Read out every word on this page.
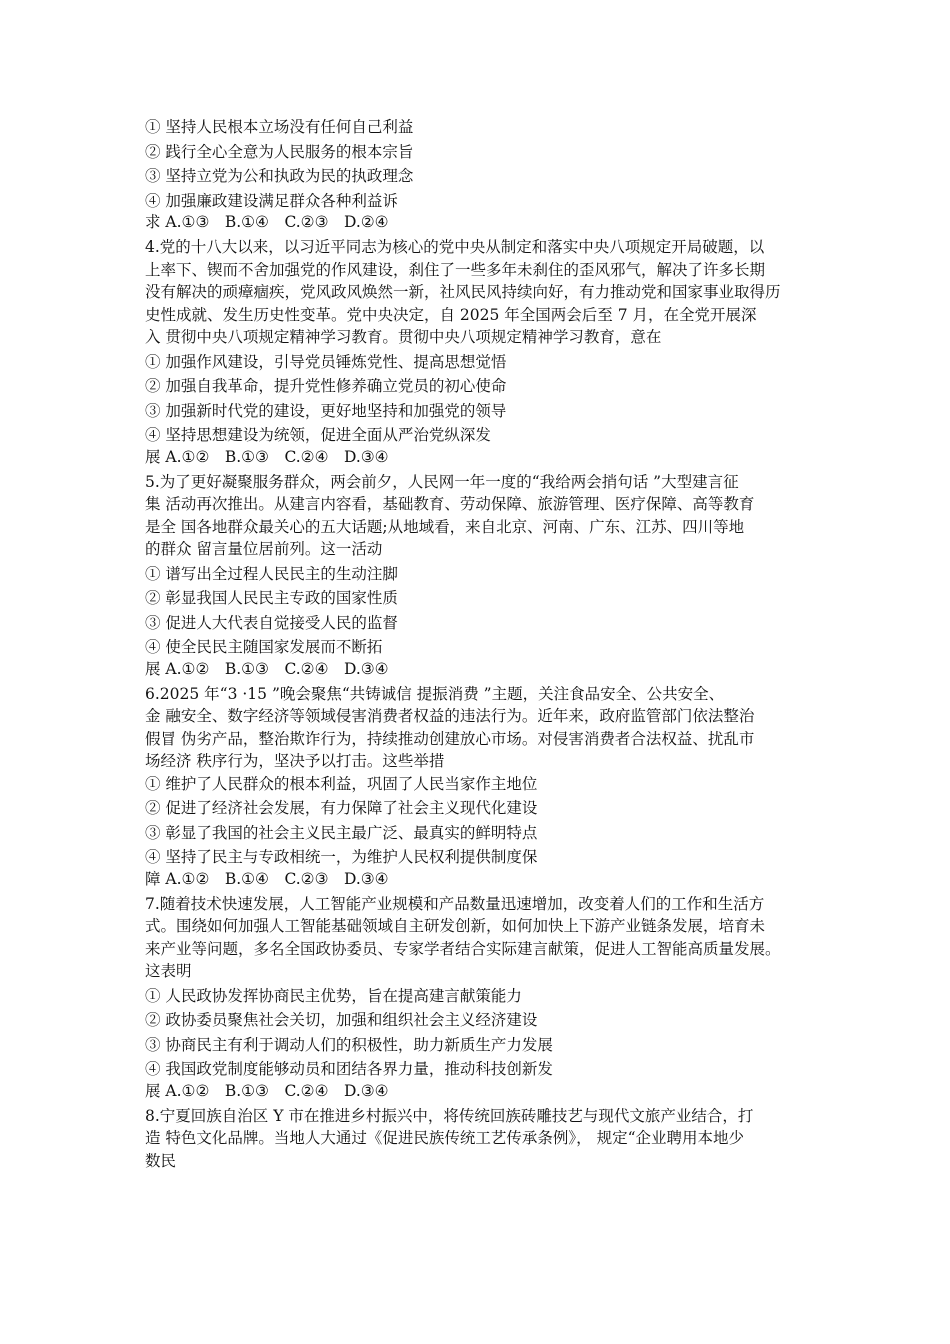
① 坚持人民根本立场没有任何自己利益
② 践行全心全意为人民服务的根本宗旨
③ 坚持立党为公和执政为民的执政理念
④ 加强廉政建设满足群众各种利益诉
求 A.①③　B.①④　C.②③　D.②④
4.党的十八大以来，以习近平同志为核心的党中央从制定和落实中央八项规定开局破题，以
上率下、锲而不舍加强党的作风建设，刹住了一些多年未刹住的歪风邪气，解决了许多长期
没有解决的顽瘴痼疾，党风政风焕然一新，社风民风持续向好，有力推动党和国家事业取得历
史性成就、发生历史性变革。党中央决定，自 2025 年全国两会后至 7 月，在全党开展深
入 贯彻中央八项规定精神学习教育。贯彻中央八项规定精神学习教育，意在
① 加强作风建设，引导党员锤炼党性、提高思想觉悟
② 加强自我革命，提升党性修养确立党员的初心使命
③ 加强新时代党的建设，更好地坚持和加强党的领导
④ 坚持思想建设为统领，促进全面从严治党纵深发
展 A.①②　B.①③　C.②④　D.③④
5.为了更好凝聚服务群众，两会前夕，人民网一年一度的“我给两会捎句话 ”大型建言征
集 活动再次推出。从建言内容看，基础教育、劳动保障、旅游管理、医疗保障、高等教育
是全 国各地群众最关心的五大话题;从地域看，来自北京、河南、广东、江苏、四川等地
的群众 留言量位居前列。这一活动
① 谱写出全过程人民民主的生动注脚
② 彰显我国人民民主专政的国家性质
③ 促进人大代表自觉接受人民的监督
④ 使全民民主随国家发展而不断拓
展 A.①②　B.①③　C.②④　D.③④
6.2025 年“3 ·15 ”晚会聚焦“共铸诚信 提振消费 ”主题，关注食品安全、公共安全、
金 融安全、数字经济等领域侵害消费者权益的违法行为。近年来，政府监管部门依法整治
假冒 伪劣产品，整治欺诈行为，持续推动创建放心市场。对侵害消费者合法权益、扰乱市
场经济 秩序行为，坚决予以打击。这些举措
① 维护了人民群众的根本利益，巩固了人民当家作主地位
② 促进了经济社会发展，有力保障了社会主义现代化建设
③ 彰显了我国的社会主义民主最广泛、最真实的鲜明特点
④ 坚持了民主与专政相统一，为维护人民权利提供制度保
障 A.①②　B.①④　C.②③　D.③④
7.随着技术快速发展，人工智能产业规模和产品数量迅速增加，改变着人们的工作和生活方
式。围绕如何加强人工智能基础领域自主研发创新，如何加快上下游产业链条发展，培育未
来产业等问题，多名全国政协委员、专家学者结合实际建言献策，促进人工智能高质量发展。
这表明
① 人民政协发挥协商民主优势，旨在提高建言献策能力
② 政协委员聚焦社会关切，加强和组织社会主义经济建设
③ 协商民主有利于调动人们的积极性，助力新质生产力发展
④ 我国政党制度能够动员和团结各界力量，推动科技创新发
展 A.①②　B.①③　C.②④　D.③④
8.宁夏回族自治区 Y 市在推进乡村振兴中，将传统回族砖雕技艺与现代文旅产业结合，打
造 特色文化品牌。当地人大通过《促进民族传统工艺传承条例》， 规定“企业聘用本地少
数民
